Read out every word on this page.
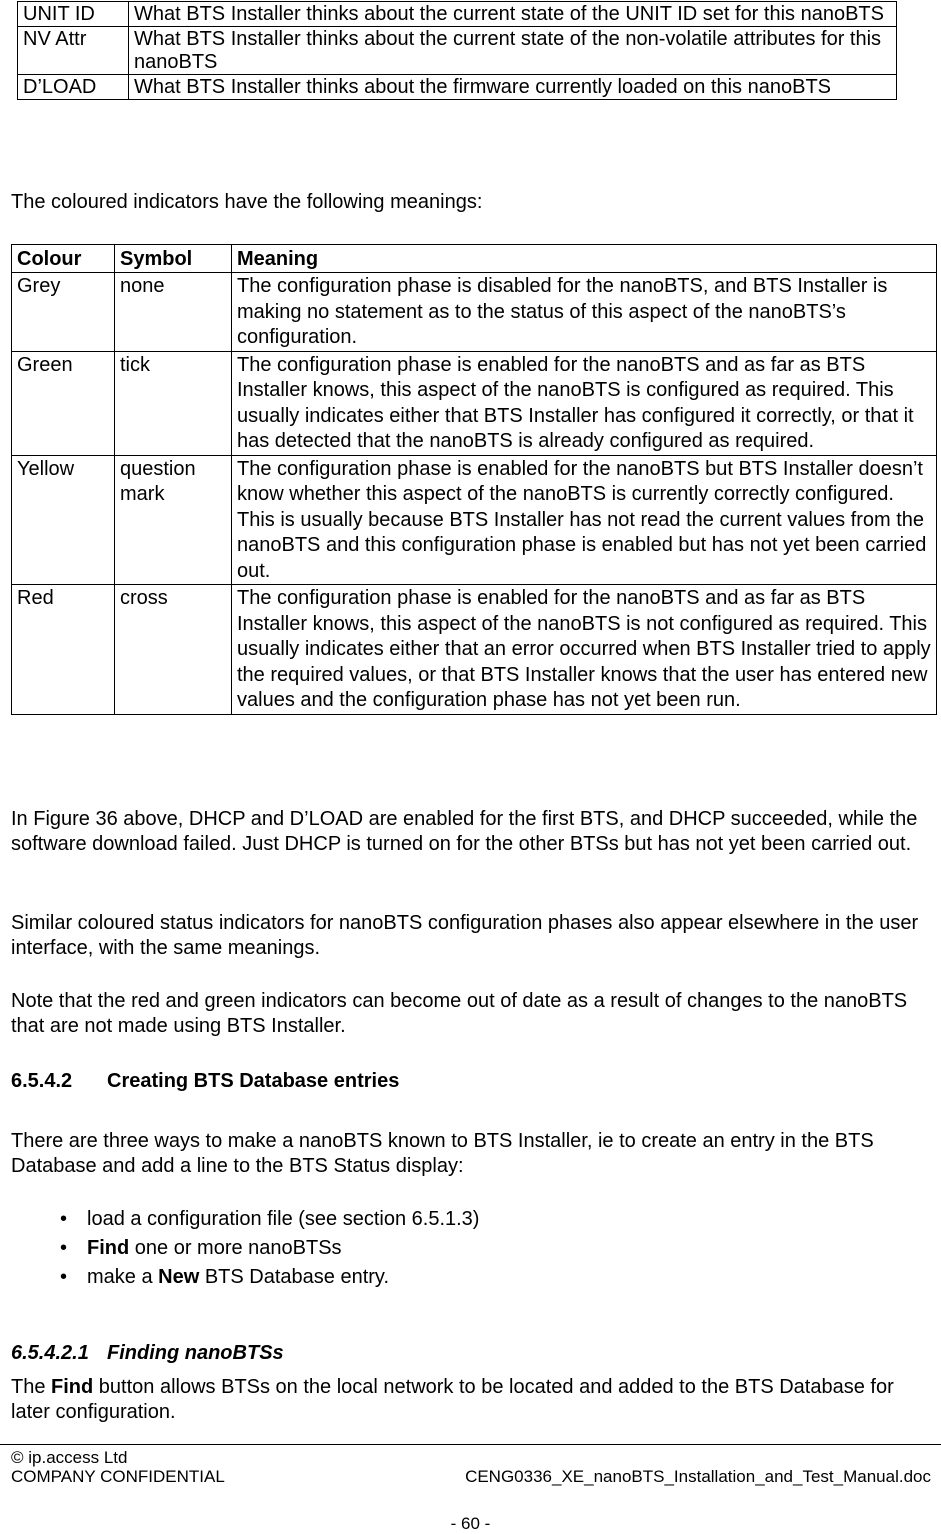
UNIT ID	What BTS Installer thinks about the current state of the UNIT ID set for this nanoBTS
NV Attr	What BTS Installer thinks about the current state of the non-volatile attributes for this nanoBTS
D’LOAD	What BTS Installer thinks about the firmware currently loaded on this nanoBTS

The coloured indicators have the following meanings:

Colour	Symbol	Meaning
Grey	none	The configuration phase is disabled for the nanoBTS, and BTS Installer is making no statement as to the status of this aspect of the nanoBTS’s configuration.
Green	tick	The configuration phase is enabled for the nanoBTS and as far as BTS Installer knows, this aspect of the nanoBTS is configured as required. This usually indicates either that BTS Installer has configured it correctly, or that it has detected that the nanoBTS is already configured as required.
Yellow	question mark	The configuration phase is enabled for the nanoBTS but BTS Installer doesn’t know whether this aspect of the nanoBTS is currently correctly configured. This is usually because BTS Installer has not read the current values from the nanoBTS and this configuration phase is enabled but has not yet been carried out.
Red	cross	The configuration phase is enabled for the nanoBTS and as far as BTS Installer knows, this aspect of the nanoBTS is not configured as required. This usually indicates either that an error occurred when BTS Installer tried to apply the required values, or that BTS Installer knows that the user has entered new values and the configuration phase has not yet been run.

In Figure 36 above, DHCP and D’LOAD are enabled for the first BTS, and DHCP succeeded, while the software download failed. Just DHCP is turned on for the other BTSs but has not yet been carried out.

Similar coloured status indicators for nanoBTS configuration phases also appear elsewhere in the user interface, with the same meanings.

Note that the red and green indicators can become out of date as a result of changes to the nanoBTS that are not made using BTS Installer.

6.5.4.2 Creating BTS Database entries

There are three ways to make a nanoBTS known to BTS Installer, ie to create an entry in the BTS Database and add a line to the BTS Status display:

• load a configuration file (see section 6.5.1.3)
• Find one or more nanoBTSs
• make a New BTS Database entry.

6.5.4.2.1 Finding nanoBTSs

The Find button allows BTSs on the local network to be located and added to the BTS Database for later configuration.

© ip.access Ltd
COMPANY CONFIDENTIAL	CENG0336_XE_nanoBTS_Installation_and_Test_Manual.doc
- 60 -
